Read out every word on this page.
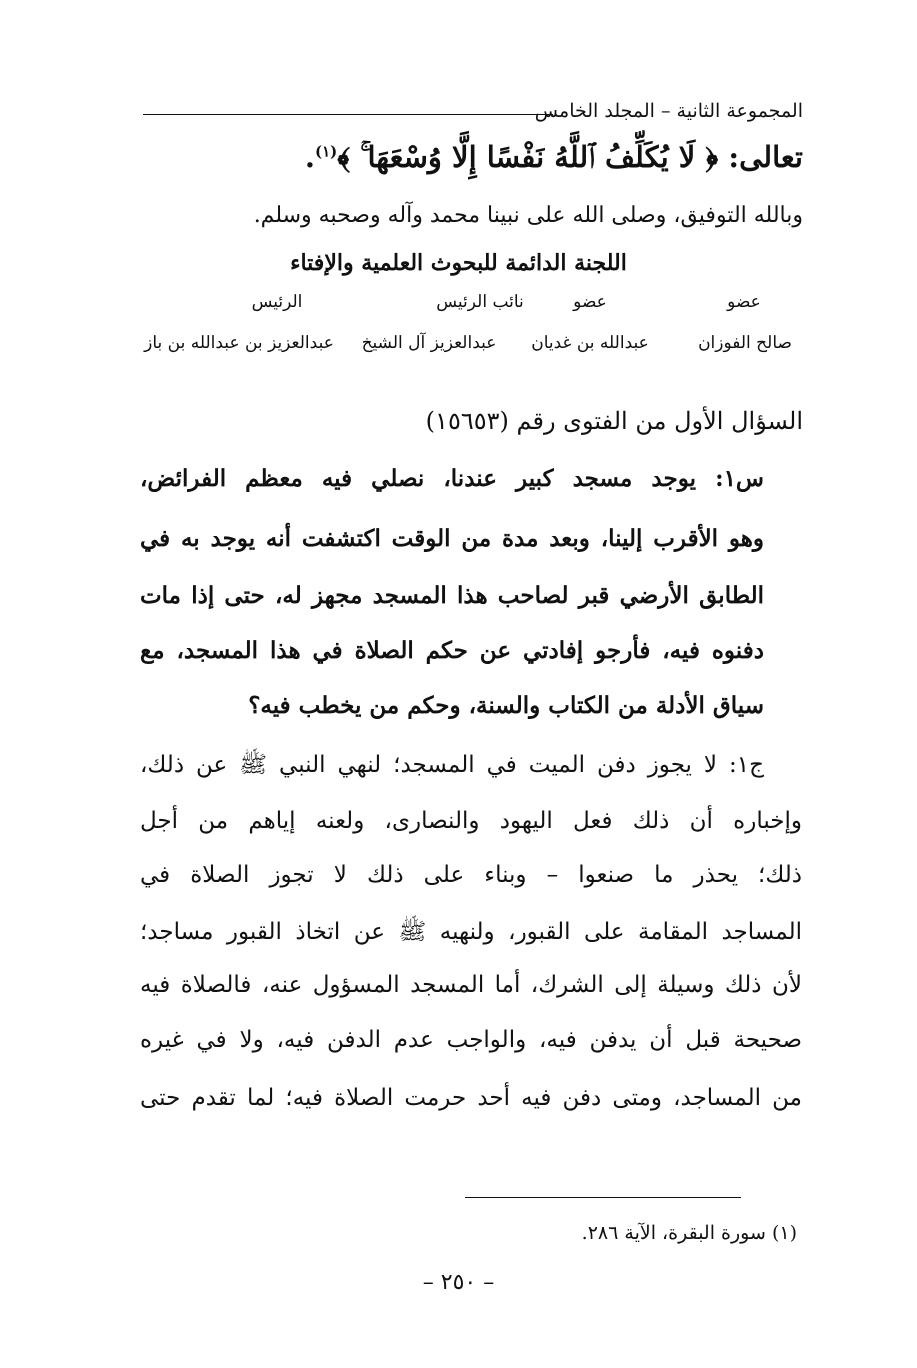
المجموعة الثانية – المجلد الخامس
تعالى: ﴿ لَا يُكَلِّفُ ٱللَّهُ نَفْسًا إِلَّا وُسْعَهَا ۚ ﴾$^{(١)}$.
وبالله التوفيق، وصلى الله على نبينا محمد وآله وصحبه وسلم.
اللجنة الدائمة للبحوث العلمية والإفتاء
عضو
صالح الفوزان
عضو
عبدالله بن غديان
نائب الرئيس
عبدالعزيز آل الشيخ
الرئيس
عبدالعزيز بن عبدالله بن باز
السؤال الأول من الفتوى رقم (١٥٦٥٣)
س١: يوجد مسجد كبير عندنا، نصلي فيه معظم الفرائض،
وهو الأقرب إلينا، وبعد مدة من الوقت اكتشفت أنه يوجد به في
الطابق الأرضي قبر لصاحب هذا المسجد مجهز له، حتى إذا مات
دفنوه فيه، فأرجو إفادتي عن حكم الصلاة في هذا المسجد، مع
سياق الأدلة من الكتاب والسنة، وحكم من يخطب فيه؟
ج١: لا يجوز دفن الميت في المسجد؛ لنهي النبي ﷺ عن ذلك،
وإخباره أن ذلك فعل اليهود والنصارى، ولعنه إياهم من أجل
ذلك؛ يحذر ما صنعوا – وبناء على ذلك لا تجوز الصلاة في
المساجد المقامة على القبور، ولنهيه ﷺ عن اتخاذ القبور مساجد؛
لأن ذلك وسيلة إلى الشرك، أما المسجد المسؤول عنه، فالصلاة فيه
صحيحة قبل أن يدفن فيه، والواجب عدم الدفن فيه، ولا في غيره
من المساجد، ومتى دفن فيه أحد حرمت الصلاة فيه؛ لما تقدم حتى
(١) سورة البقرة، الآية ٢٨٦.
– ٢٥٠ –
